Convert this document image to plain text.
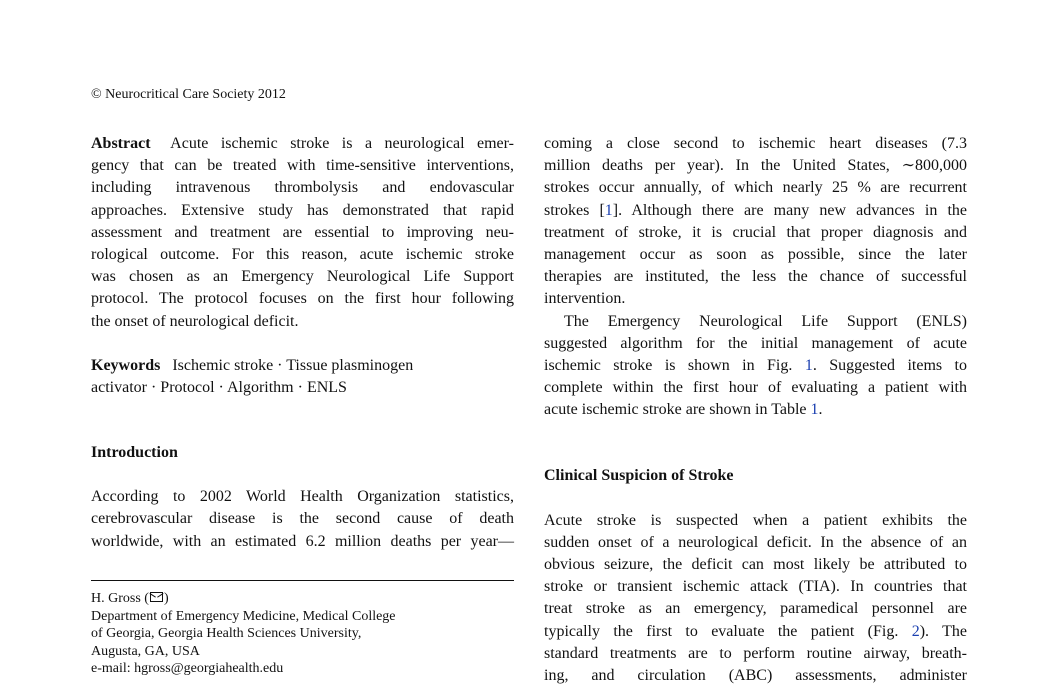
© Neurocritical Care Society 2012
Abstract Acute ischemic stroke is a neurological emer-
gency that can be treated with time-sensitive interventions,
including intravenous thrombolysis and endovascular
approaches. Extensive study has demonstrated that rapid
assessment and treatment are essential to improving neu-
rological outcome. For this reason, acute ischemic stroke
was chosen as an Emergency Neurological Life Support
protocol. The protocol focuses on the first hour following
the onset of neurological deficit.
Keywords Ischemic stroke · Tissue plasminogen
activator · Protocol · Algorithm · ENLS
Introduction
According to 2002 World Health Organization statistics,
cerebrovascular disease is the second cause of death
worldwide, with an estimated 6.2 million deaths per year—
H. Gross ( )
Department of Emergency Medicine, Medical College
of Georgia, Georgia Health Sciences University,
Augusta, GA, USA
e-mail: hgross@georgiahealth.edu
coming a close second to ischemic heart diseases (7.3
million deaths per year). In the United States, ∼800,000
strokes occur annually, of which nearly 25 % are recurrent
strokes [1]. Although there are many new advances in the
treatment of stroke, it is crucial that proper diagnosis and
management occur as soon as possible, since the later
therapies are instituted, the less the chance of successful
intervention.
The Emergency Neurological Life Support (ENLS)
suggested algorithm for the initial management of acute
ischemic stroke is shown in Fig. 1. Suggested items to
complete within the first hour of evaluating a patient with
acute ischemic stroke are shown in Table 1.
Clinical Suspicion of Stroke
Acute stroke is suspected when a patient exhibits the
sudden onset of a neurological deficit. In the absence of an
obvious seizure, the deficit can most likely be attributed to
stroke or transient ischemic attack (TIA). In countries that
treat stroke as an emergency, paramedical personnel are
typically the first to evaluate the patient (Fig. 2). The
standard treatments are to perform routine airway, breath-
ing, and circulation (ABC) assessments, administer
